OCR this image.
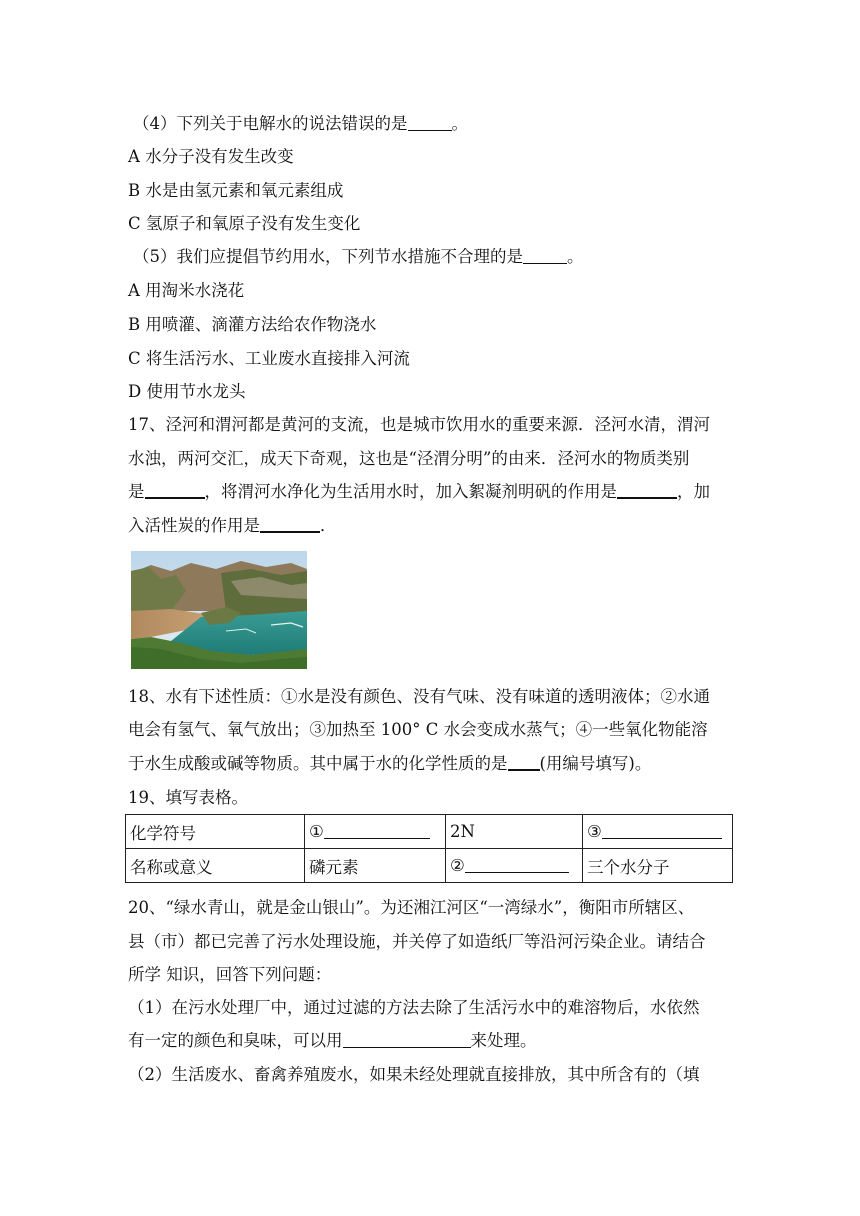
（4）下列关于电解水的说法错误的是	。
A 水分子没有发生改变
B 水是由氢元素和氧元素组成
C 氢原子和氧原子没有发生变化
（5）我们应提倡节约用水，下列节水措施不合理的是	。
A 用淘米水浇花
B 用喷灌、滴灌方法给农作物浇水
C 将生活污水、工业废水直接排入河流
D 使用节水龙头
17、泾河和渭河都是黄河的支流，也是城市饮用水的重要来源．泾河水清，渭河
水浊，两河交汇，成天下奇观，这也是“泾渭分明”的由来．泾河水的物质类别
是	，将渭河水净化为生活用水时，加入絮凝剂明矾的作用是	，加
入活性炭的作用是	．
18、水有下述性质：①水是没有颜色、没有气味、没有味道的透明液体；②水通
电会有氢气、氧气放出；③加热至 100° C 水会变成水蒸气；④一些氧化物能溶
于水生成酸或碱等物质。其中属于水的化学性质的是 (用编号填写)。
19、填写表格。
化学符号	①	2N	③
名称或意义	磷元素	②	三个水分子
20、“绿水青山，就是金山银山”。为还湘江河区“一湾绿水”，衡阳市所辖区、
县（市）都已完善了污水处理设施，并关停了如造纸厂等沿河污染企业。请结合
所学 知识，回答下列问题：
（1）在污水处理厂中，通过过滤的方法去除了生活污水中的难溶物后，水依然
有一定的颜色和臭味，可以用	来处理。
（2）生活废水、畜禽养殖废水，如果未经处理就直接排放，其中所含有的（填
